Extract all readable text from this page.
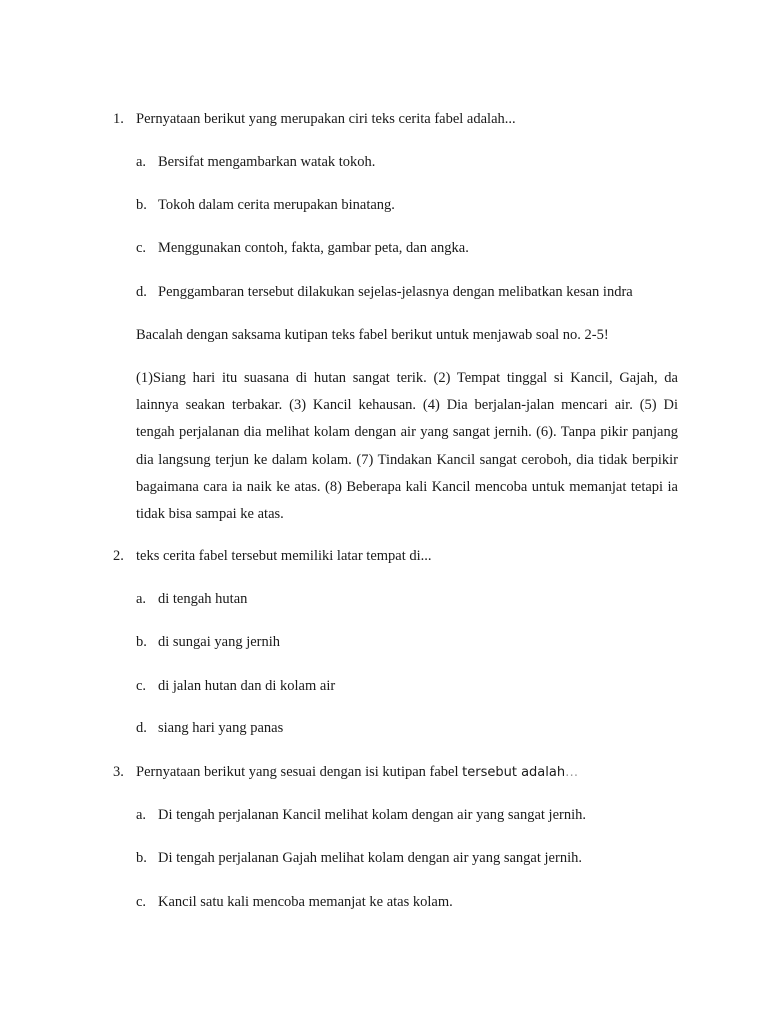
1. Pernyataan berikut yang merupakan ciri teks cerita fabel adalah...
a. Bersifat mengambarkan watak tokoh.
b. Tokoh dalam cerita merupakan binatang.
c. Menggunakan contoh, fakta, gambar peta, dan angka.
d. Penggambaran tersebut dilakukan sejelas-jelasnya dengan melibatkan kesan indra
Bacalah dengan saksama kutipan teks fabel berikut untuk menjawab soal no. 2-5!
(1)Siang hari itu suasana di hutan sangat terik. (2) Tempat tinggal si Kancil, Gajah, da lainnya seakan terbakar. (3) Kancil kehausan. (4) Dia berjalan-jalan mencari air. (5) Di tengah perjalanan dia melihat kolam dengan air yang sangat jernih. (6). Tanpa pikir panjang dia langsung terjun ke dalam kolam. (7) Tindakan Kancil sangat ceroboh, dia tidak berpikir bagaimana cara ia naik ke atas. (8) Beberapa kali Kancil mencoba untuk memanjat tetapi ia tidak bisa sampai ke atas.
2. teks cerita fabel tersebut memiliki latar tempat di...
a. di tengah hutan
b. di sungai yang jernih
c. di jalan hutan dan di kolam air
d. siang hari yang panas
3. Pernyataan berikut yang sesuai dengan isi kutipan fabel tersebut adalah…
a. Di tengah perjalanan Kancil melihat kolam dengan air yang sangat jernih.
b. Di tengah perjalanan Gajah melihat kolam dengan air yang sangat jernih.
c. Kancil satu kali mencoba memanjat ke atas kolam.
